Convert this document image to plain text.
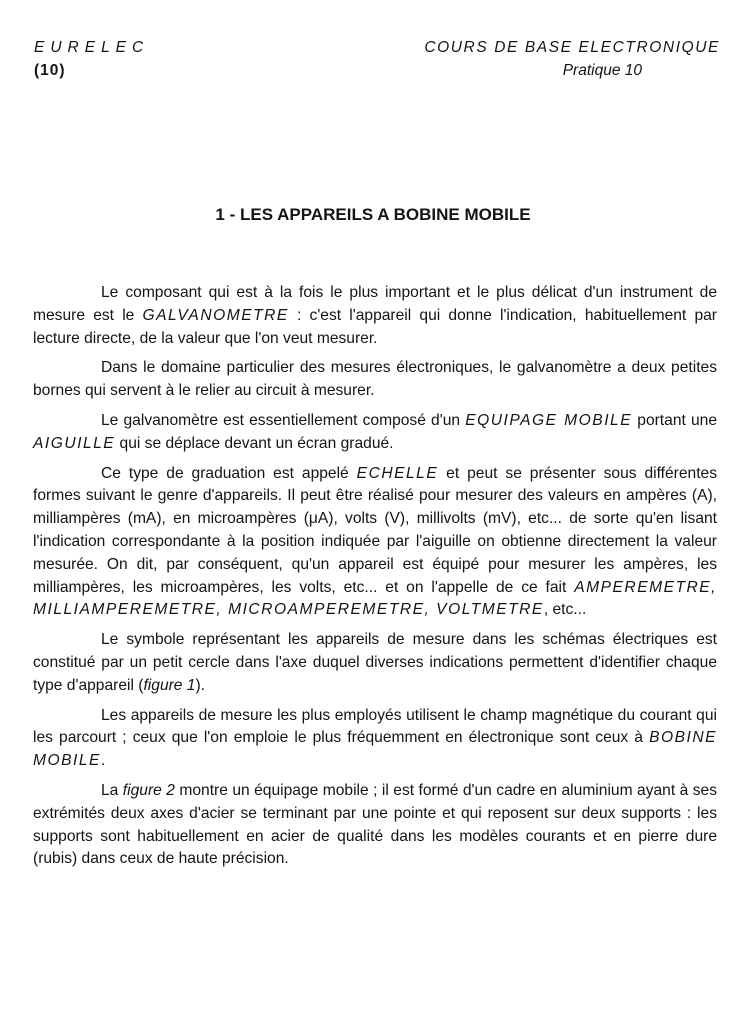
EURELEC
(10)
COURS DE BASE ELECTRONIQUE
Pratique 10
1 - LES APPAREILS A BOBINE MOBILE

Le composant qui est à la fois le plus important et le plus délicat d'un instrument de mesure est le GALVANOMETRE : c'est l'appareil qui donne l'indication, habituellement par lecture directe, de la valeur que l'on veut mesurer.

Dans le domaine particulier des mesures électroniques, le galvanomètre a deux petites bornes qui servent à le relier au circuit à mesurer.

Le galvanomètre est essentiellement composé d'un EQUIPAGE MOBILE portant une AIGUILLE qui se déplace devant un écran gradué.

Ce type de graduation est appelé ECHELLE et peut se présenter sous différentes formes suivant le genre d'appareils. Il peut être réalisé pour mesurer des valeurs en ampères (A), milliampères (mA), en microampères (μA), volts (V), millivolts (mV), etc... de sorte qu'en lisant l'indication correspondante à la position indiquée par l'aiguille on obtienne directement la valeur mesurée. On dit, par conséquent, qu'un appareil est équipé pour mesurer les ampères, les milliampères, les microampères, les volts, etc... et on l'appelle de ce fait AMPEREMETRE, MILLIAMPEREMETRE, MICROAMPEREMETRE, VOLTMETRE, etc...

Le symbole représentant les appareils de mesure dans les schémas électriques est constitué par un petit cercle dans l'axe duquel diverses indications permettent d'identifier chaque type d'appareil (figure 1).

Les appareils de mesure les plus employés utilisent le champ magnétique du courant qui les parcourt ; ceux que l'on emploie le plus fréquemment en électronique sont ceux à BOBINE MOBILE.

La figure 2 montre un équipage mobile ; il est formé d'un cadre en aluminium ayant à ses extrémités deux axes d'acier se terminant par une pointe et qui reposent sur deux supports : les supports sont habituellement en acier de qualité dans les modèles courants et en pierre dure (rubis) dans ceux de haute précision.
